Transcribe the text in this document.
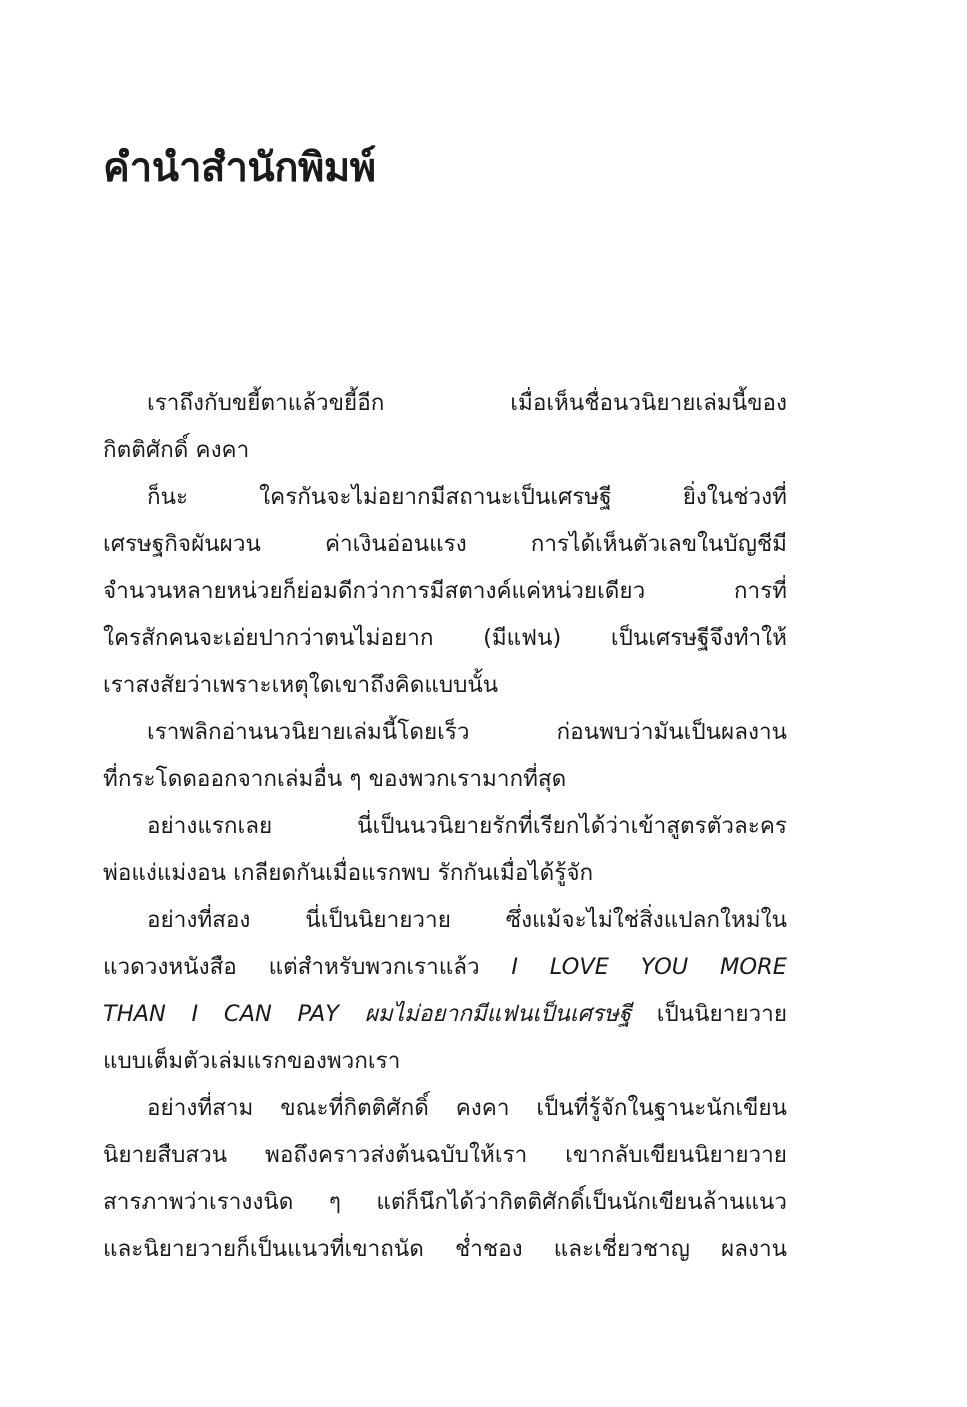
คำนำสำนักพิมพ์
เราถึงกับขยี้ตาแล้วขยี้อีก เมื่อเห็นชื่อนวนิยายเล่มนี้ของ
กิตติศักดิ์ คงคา
ก็นะ ใครกันจะไม่อยากมีสถานะเป็นเศรษฐี ยิ่งในช่วงที่
เศรษฐกิจผันผวน ค่าเงินอ่อนแรง การได้เห็นตัวเลขในบัญชีมี
จำนวนหลายหน่วยก็ย่อมดีกว่าการมีสตางค์แค่หน่วยเดียว การที่
ใครสักคนจะเอ่ยปากว่าตนไม่อยาก (มีแฟน) เป็นเศรษฐีจึงทำให้
เราสงสัยว่าเพราะเหตุใดเขาถึงคิดแบบนั้น
เราพลิกอ่านนวนิยายเล่มนี้โดยเร็ว ก่อนพบว่ามันเป็นผลงาน
ที่กระโดดออกจากเล่มอื่น ๆ ของพวกเรามากที่สุด
อย่างแรกเลย นี่เป็นนวนิยายรักที่เรียกได้ว่าเข้าสูตรตัวละคร
พ่อแง่แม่งอน เกลียดกันเมื่อแรกพบ รักกันเมื่อได้รู้จัก
อย่างที่สอง นี่เป็นนิยายวาย ซึ่งแม้จะไม่ใช่สิ่งแปลกใหม่ใน
แวดวงหนังสือ แต่สำหรับพวกเราแล้ว I LOVE YOU MORE
THAN I CAN PAY ผมไม่อยากมีแฟนเป็นเศรษฐี เป็นนิยายวาย
แบบเต็มตัวเล่มแรกของพวกเรา
อย่างที่สาม ขณะที่กิตติศักดิ์ คงคา เป็นที่รู้จักในฐานะนักเขียน
นิยายสืบสวน พอถึงคราวส่งต้นฉบับให้เรา เขากลับเขียนนิยายวาย
สารภาพว่าเรางงนิด ๆ แต่ก็นึกได้ว่ากิตติศักดิ์เป็นนักเขียนล้านแนว
และนิยายวายก็เป็นแนวที่เขาถนัด ช่ำชอง และเชี่ยวชาญ ผลงาน
